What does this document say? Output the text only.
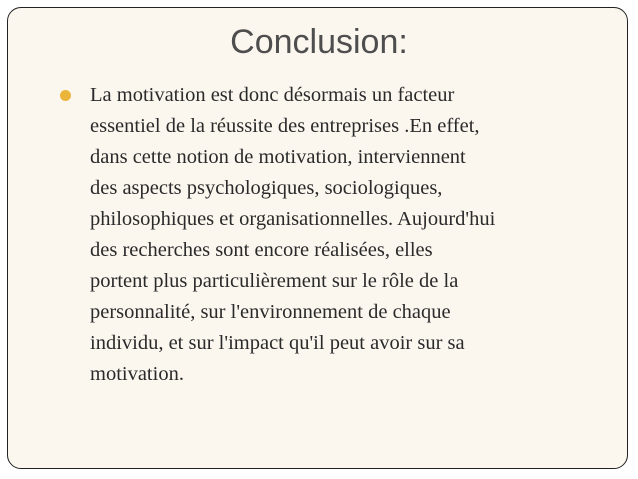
Conclusion:
La motivation est donc désormais un facteur
essentiel de la réussite des entreprises .En effet,
dans cette notion de motivation, interviennent
des aspects psychologiques, sociologiques,
philosophiques et organisationnelles. Aujourd'hui
des recherches sont encore réalisées, elles
portent plus particulièrement sur le rôle de la
personnalité, sur l'environnement de chaque
individu, et sur l'impact qu'il peut avoir sur sa
motivation.
